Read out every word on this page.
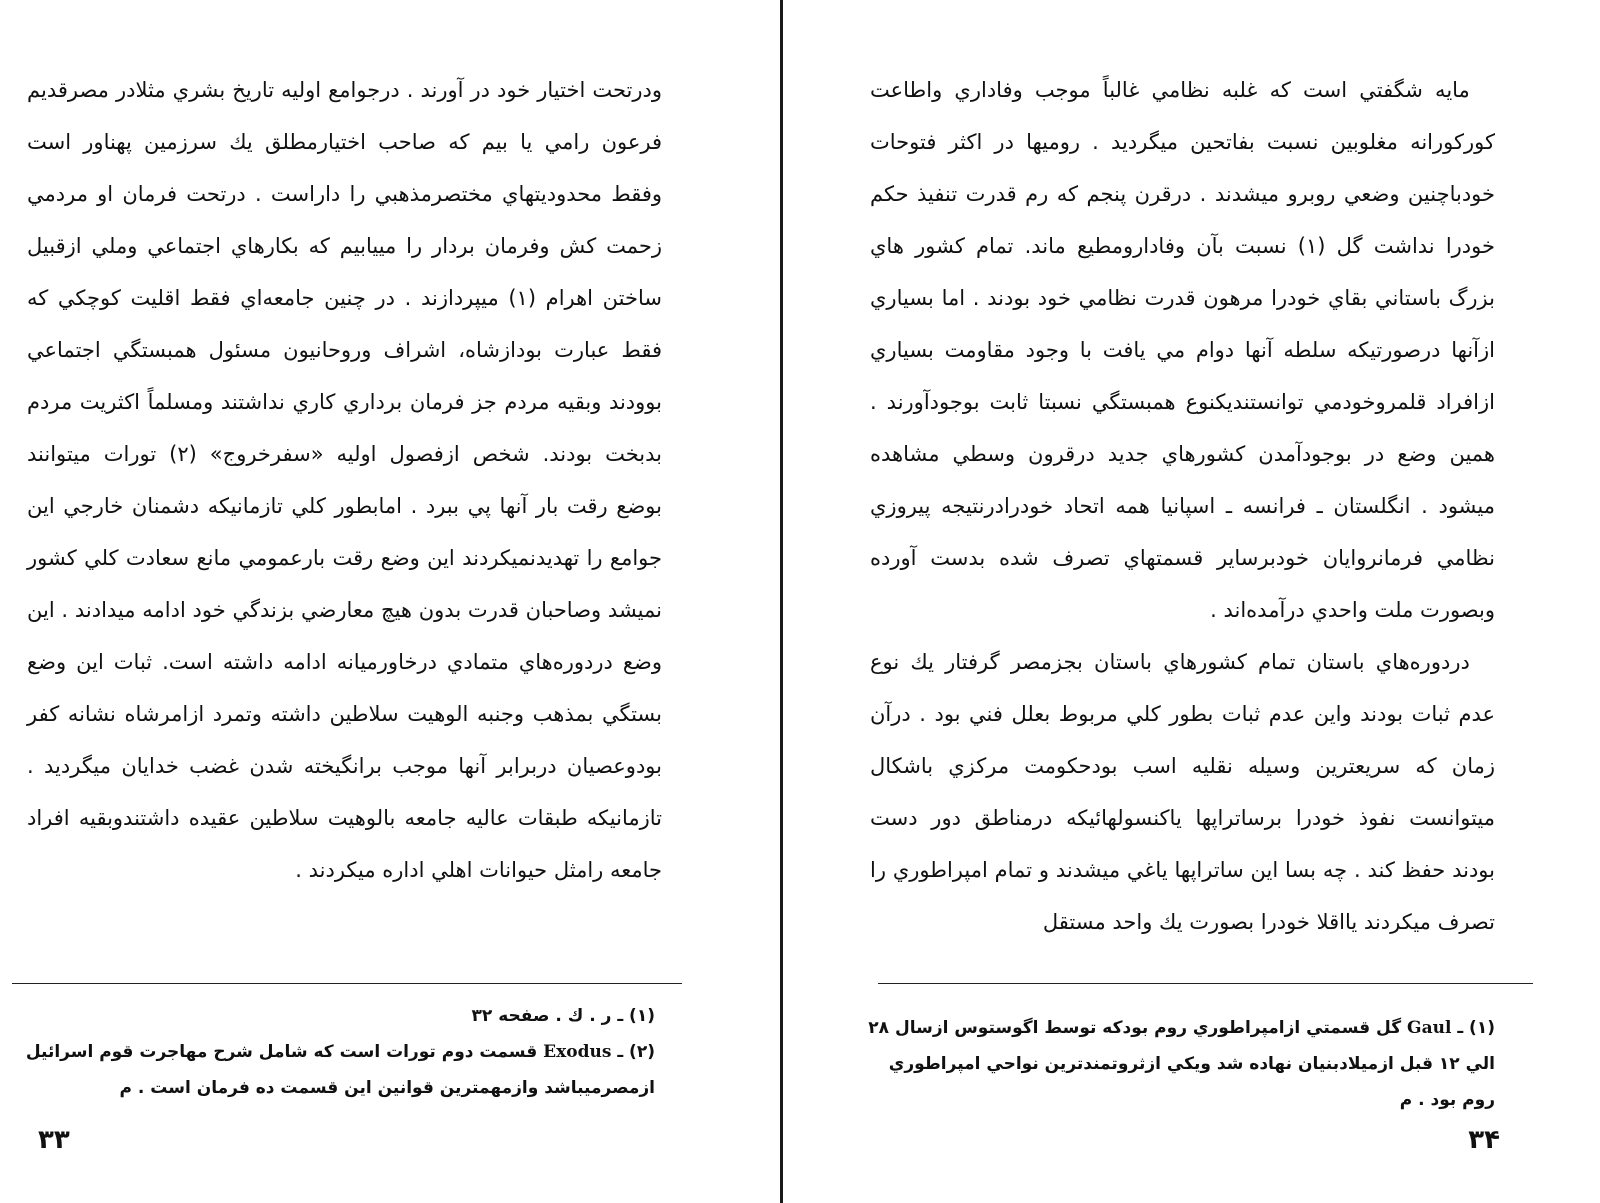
ودرتحت اختيار خود در آورند . درجوامع اوليه تاريخ بشري مثلادر مصرقديم فرعون رامي يا بيم كه صاحب اختيارمطلق يك سرزمين پهناور است وفقط محدوديتهاي مختصرمذهبي را داراست . درتحت فرمان او مردمي زحمت كش وفرمان بردار را مييابيم كه بكارهاي اجتماعي وملي ازقبيل ساختن اهرام (۱) ميپردازند . در چنين جامعه‌اي فقط اقليت كوچكي كه فقط عبارت بودازشاه، اشراف وروحانيون مسئول همبستگي اجتماعي بوودند وبقيه مردم جز فرمان برداري كاري نداشتند ومسلماً اكثريت مردم بدبخت بودند. شخص ازفصول اوليه «سفرخروج» (۲) تورات ميتوانند بوضع رقت بار آنها پي ببرد . امابطور كلي تازمانيكه دشمنان خارجي اين جوامع را تهديدنميكردند اين وضع رقت بارعمومي مانع سعادت كلي كشور نميشد وصاحبان قدرت بدون هيچ معارضي بزندگي خود ادامه ميدادند . اين وضع دردوره‌هاي متمادي درخاورميانه ادامه داشته است. ثبات اين وضع بستگي بمذهب وجنبه الوهيت سلاطين داشته وتمرد ازامرشاه نشانه كفر بودوعصيان دربرابر آنها موجب برانگيخته شدن غضب خدايان ميگرديد . تازمانيكه طبقات عاليه جامعه بالوهيت سلاطين عقيده داشتندوبقيه افراد جامعه رامثل حيوانات اهلي اداره ميكردند .

(۱) ـ ر . ك . صفحه ۳۲

(۲) ـ Exodus قسمت دوم تورات است كه شامل شرح مهاجرت قوم اسرائيل ازمصرميباشد وازمهمترين قوانين اين قسمت ده فرمان است . م

۳۳

مايه شگفتي است كه غلبه نظامي غالباً موجب وفاداري واطاعت كوركورانه مغلوبين نسبت بفاتحين ميگرديد . روميها در اكثر فتوحات خودباچنين وضعي روبرو ميشدند . درقرن پنجم كه رم قدرت تنفيذ حكم خودرا نداشت گل (۱) نسبت بآن وفادارومطيع ماند. تمام كشور هاي بزرگ باستاني بقاي خودرا مرهون قدرت نظامي خود بودند . اما بسياري ازآنها درصورتيكه سلطه آنها دوام مي يافت با وجود مقاومت بسياري ازافراد قلمروخودمي توانستنديكنوع همبستگي نسبتا ثابت بوجودآورند . همين وضع در بوجودآمدن كشورهاي جديد درقرون وسطي مشاهده ميشود . انگلستان ـ فرانسه ـ اسپانيا همه اتحاد خودرادرنتيجه پيروزي نظامي فرمانروايان خودبرساير قسمتهاي تصرف شده بدست آورده وبصورت ملت واحدي درآمده‌اند .

دردوره‌هاي باستان تمام كشورهاي باستان بجزمصر گرفتار يك نوع عدم ثبات بودند واين عدم ثبات بطور كلي مربوط بعلل فني بود . درآن زمان كه سريعترين وسيله نقليه اسب بودحكومت مركزي باشكال ميتوانست نفوذ خودرا برساتراپها ياكنسولهائيكه درمناطق دور دست بودند حفظ كند . چه بسا اين ساتراپها ياغي ميشدند و تمام امپراطوري را تصرف ميكردند يااقلا خودرا بصورت يك واحد مستقل

(۱) ـ Gaul گل قسمتي ازامپراطوري روم بودكه توسط اگوستوس ازسال ۲۸ الي ۱۲ قبل ازميلادبنيان نهاده شد ويكي ازثروتمندترين نواحي امپراطوري روم بود . م

۳۴
